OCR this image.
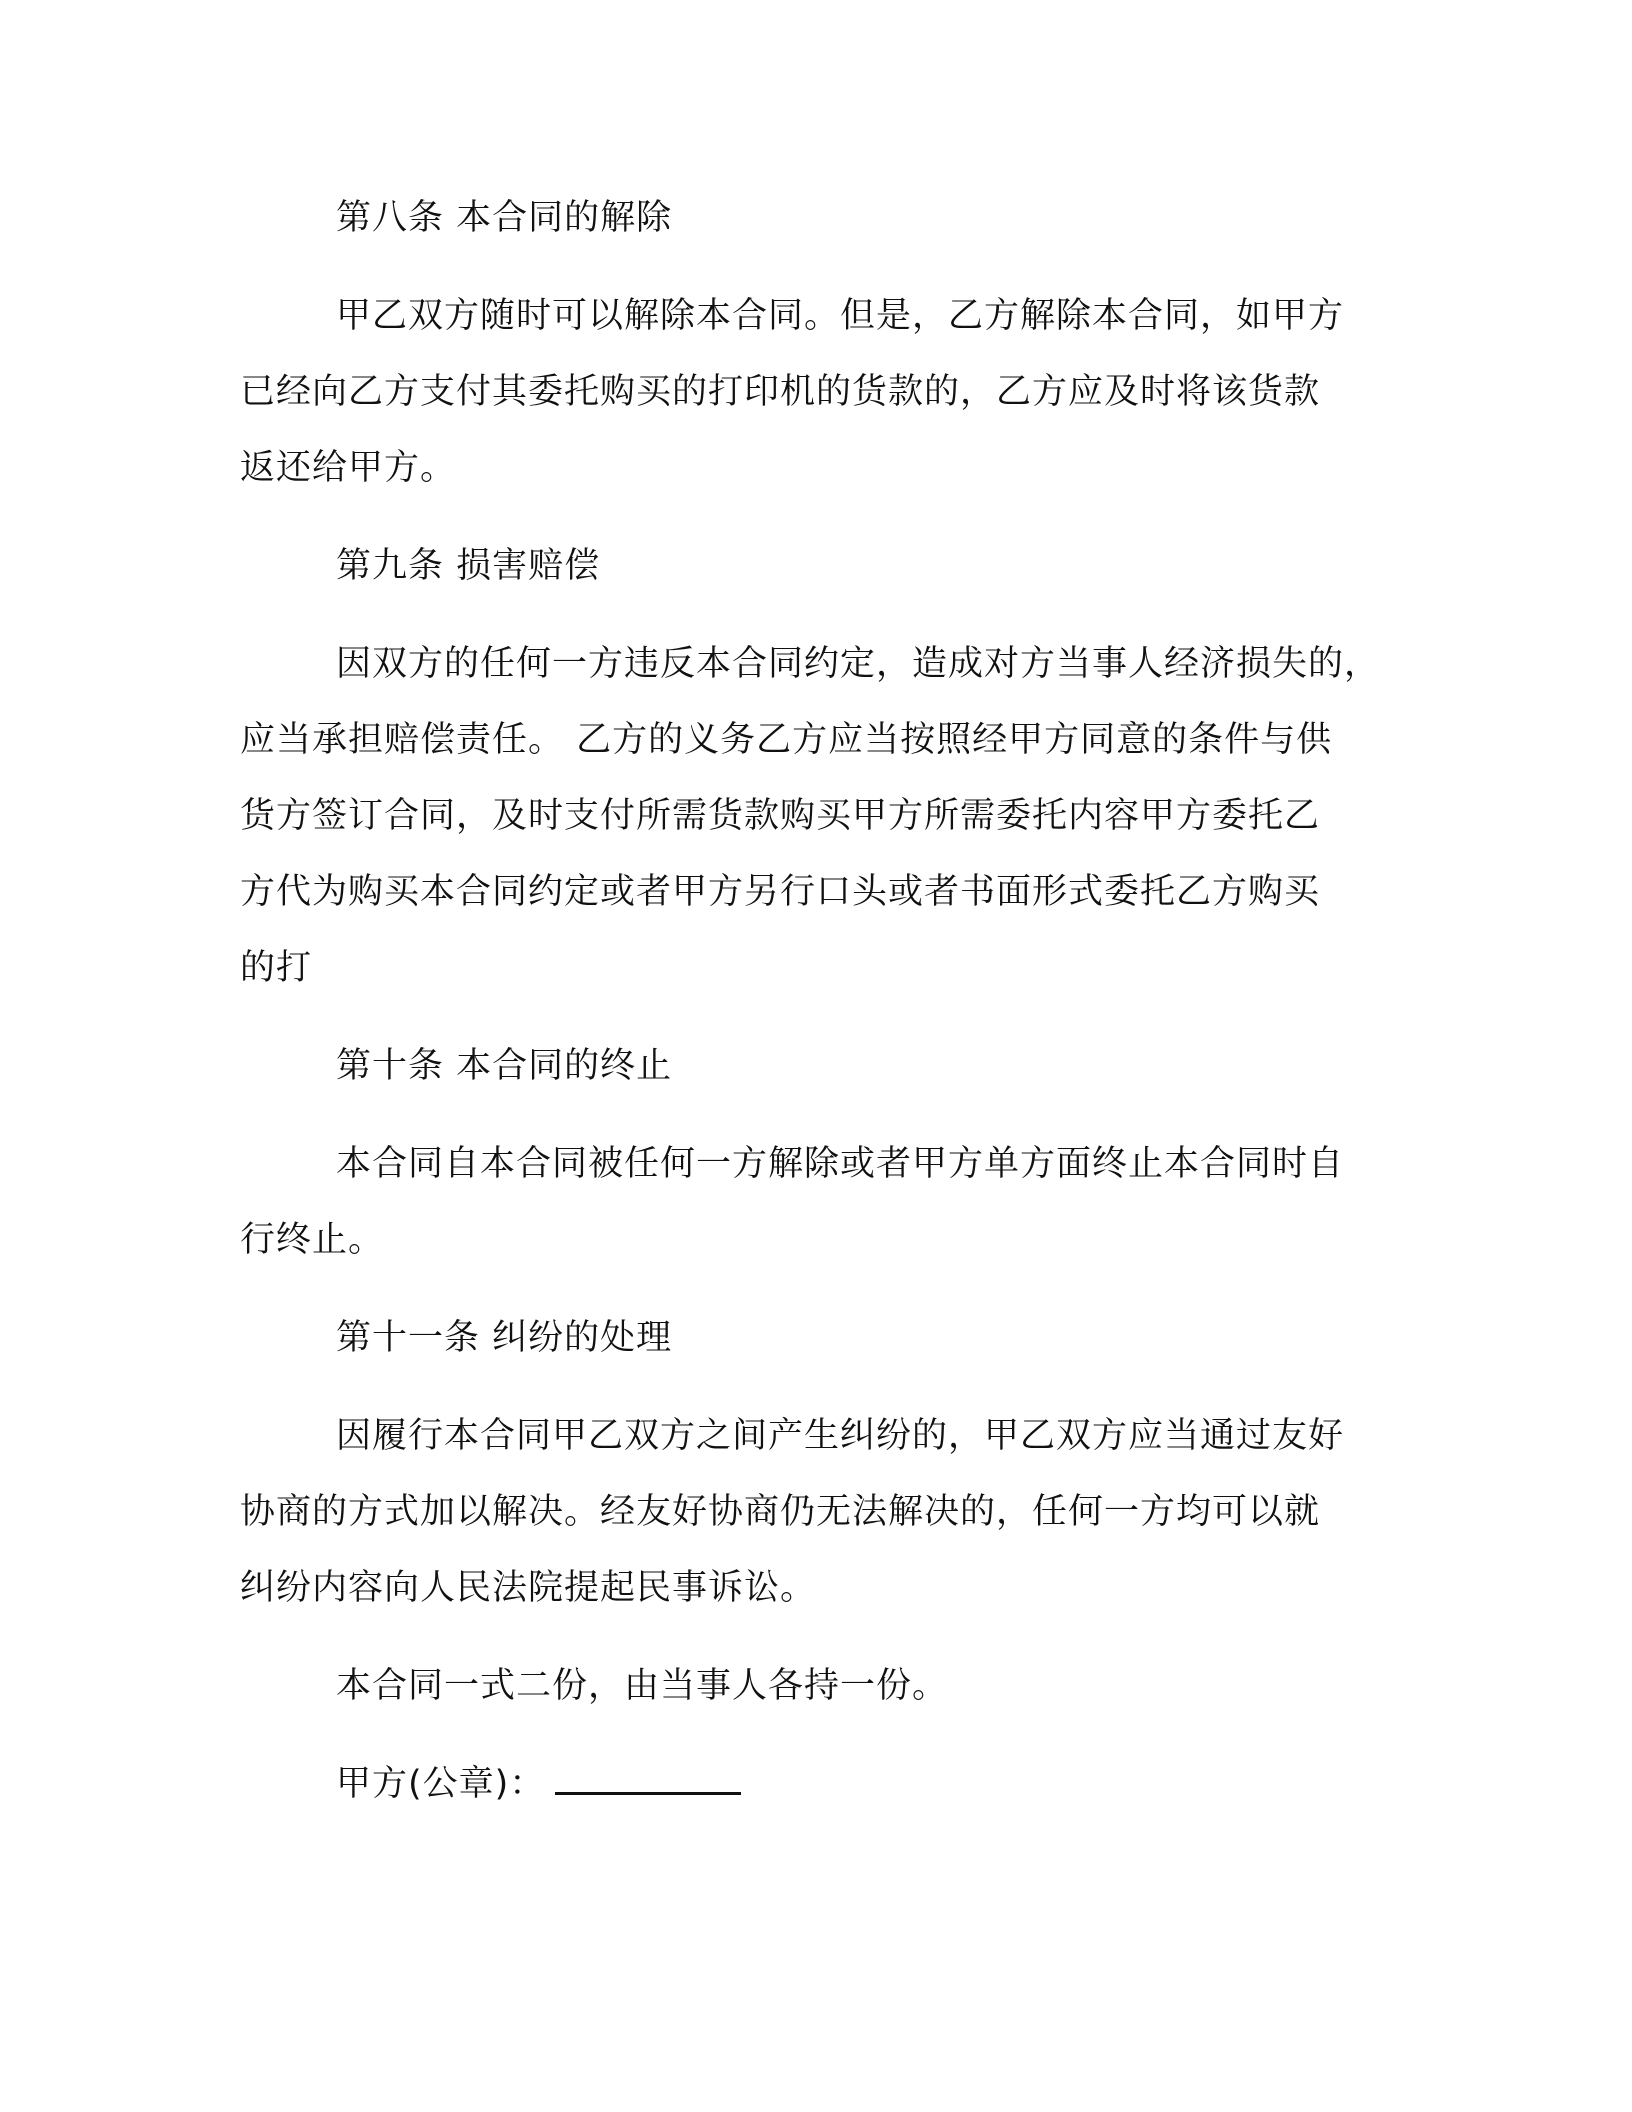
第八条 本合同的解除
甲乙双方随时可以解除本合同。但是，乙方解除本合同，如甲方
已经向乙方支付其委托购买的打印机的货款的，乙方应及时将该货款
返还给甲方。
第九条 损害赔偿
因双方的任何一方违反本合同约定，造成对方当事人经济损失的，
应当承担赔偿责任。 乙方的义务乙方应当按照经甲方同意的条件与供
货方签订合同，及时支付所需货款购买甲方所需委托内容甲方委托乙
方代为购买本合同约定或者甲方另行口头或者书面形式委托乙方购买
的打
第十条 本合同的终止
本合同自本合同被任何一方解除或者甲方单方面终止本合同时自
行终止。
第十一条 纠纷的处理
因履行本合同甲乙双方之间产生纠纷的，甲乙双方应当通过友好
协商的方式加以解决。经友好协商仍无法解决的，任何一方均可以就
纠纷内容向人民法院提起民事诉讼。
本合同一式二份，由当事人各持一份。
甲方(公章)：
